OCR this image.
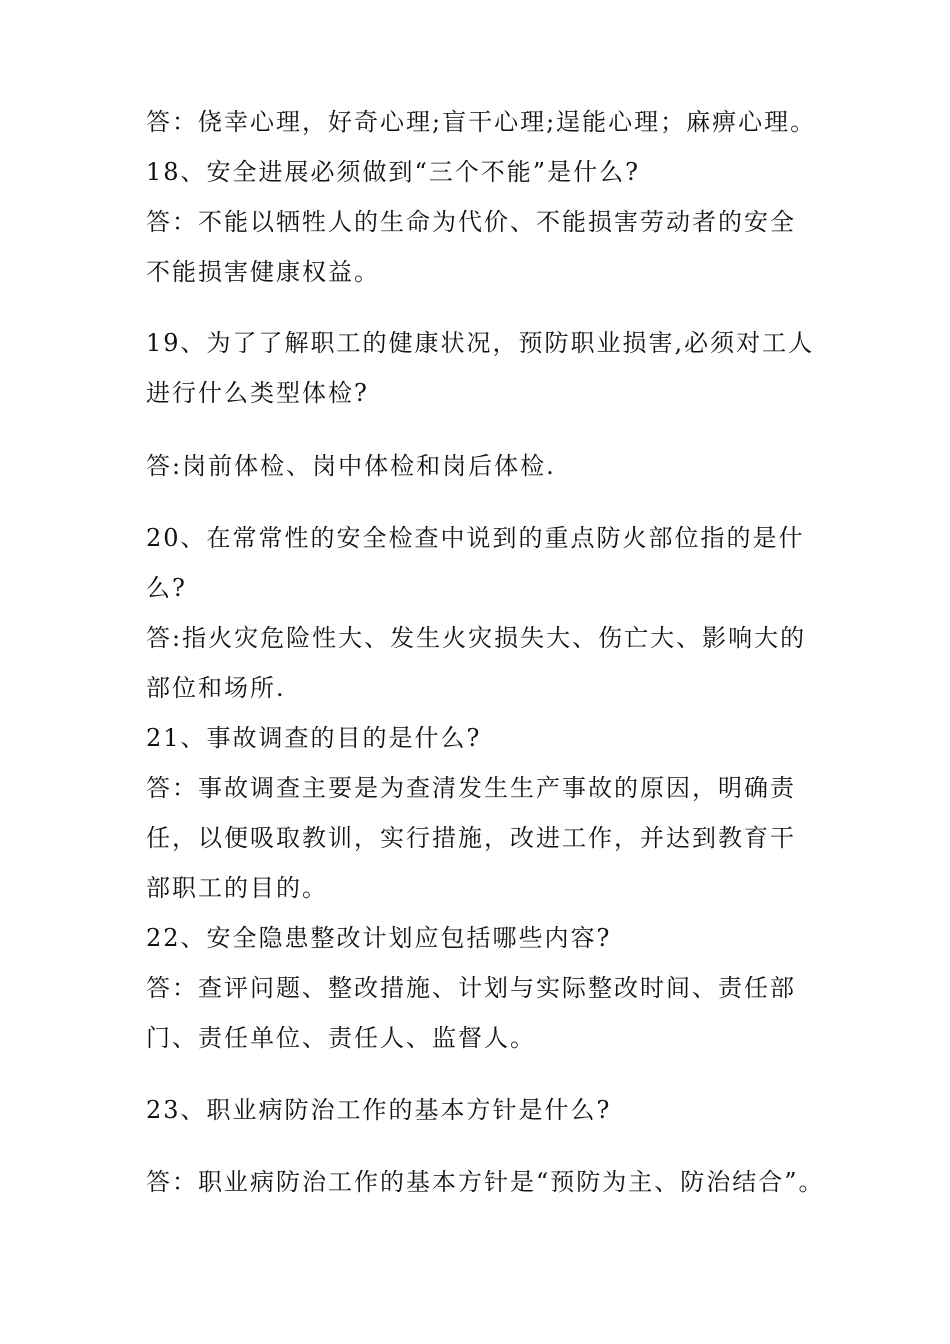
答：侥幸心理，好奇心理;盲干心理;逞能心理；麻痹心理。
18、安全进展必须做到“三个不能”是什么?
答：不能以牺牲人的生命为代价、不能损害劳动者的安全
不能损害健康权益。
19、为了了解职工的健康状况，预防职业损害,必须对工人
进行什么类型体检?
答:岗前体检、岗中体检和岗后体检.
20、在常常性的安全检查中说到的重点防火部位指的是什
么?
答:指火灾危险性大、发生火灾损失大、伤亡大、影响大的
部位和场所.
21、事故调查的目的是什么?
答：事故调查主要是为查清发生生产事故的原因，明确责
任，以便吸取教训，实行措施，改进工作，并达到教育干
部职工的目的。
22、安全隐患整改计划应包括哪些内容?
答：查评问题、整改措施、计划与实际整改时间、责任部
门、责任单位、责任人、监督人。
23、职业病防治工作的基本方针是什么?
答：职业病防治工作的基本方针是“预防为主、防治结合”。
